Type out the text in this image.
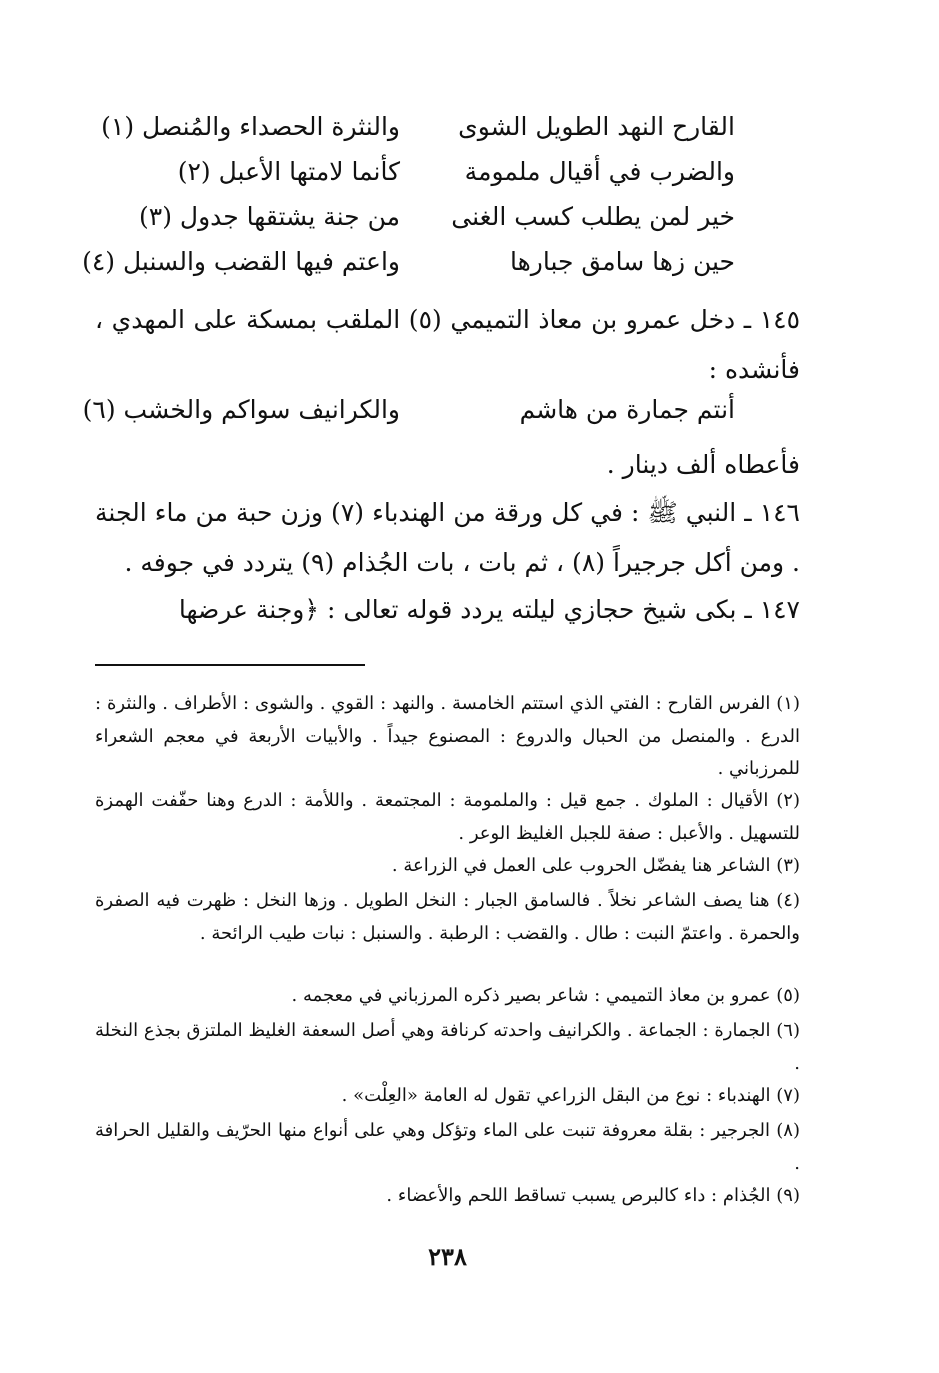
القارح النهد الطويل الشوى
والنثرة الحصداء والمُنصل (١)
والضرب في أقيال ملمومة
كأنما لامتها الأعبل (٢)
خير لمن يطلب كسب الغنى
من جنة يشتقها جدول (٣)
حين زها سامق جبارها
واعتم فيها القضب والسنبل (٤)
١٤٥ ـ دخل عمرو بن معاذ التميمي (٥) الملقب بمسكة على المهدي ، فأنشده :
أنتم جمارة من هاشم
والكرانيف سواكم والخشب (٦)
فأعطاه ألف دينار .
١٤٦ ـ النبي ﷺ : في كل ورقة من الهندباء (٧) وزن حبة من ماء الجنة . ومن أكل جرجيراً (٨) ، ثم بات ، بات الجُذام (٩) يتردد في جوفه .
١٤٧ ـ بكى شيخ حجازي ليلته يردد قوله تعالى : ﴿وجنة عرضها
(١) الفرس القارح : الفتي الذي استتم الخامسة . والنهد : القوي . والشوى : الأطراف . والنثرة : الدرع . والمنصل من الحبال والدروع : المصنوع جيداً . والأبيات الأربعة في معجم الشعراء للمرزباني .
(٢) الأقيال : الملوك . جمع قيل : والملمومة : المجتمعة . واللأمة : الدرع وهنا حفّفت الهمزة للتسهيل . والأعبل : صفة للجبل الغليظ الوعر .
(٣) الشاعر هنا يفضّل الحروب على العمل في الزراعة .
(٤) هنا يصف الشاعر نخلاً . فالسامق الجبار : النخل الطويل . وزها النخل : ظهرت فيه الصفرة والحمرة . واعتمّ النبت : طال . والقضب : الرطبة . والسنبل : نبات طيب الرائحة .
(٥) عمرو بن معاذ التميمي : شاعر بصير ذكره المرزباني في معجمه .
(٦) الجمارة : الجماعة . والكرانيف واحدته كرنافة وهي أصل السعفة الغليظ الملتزق بجذع النخلة .
(٧) الهندباء : نوع من البقل الزراعي تقول له العامة «العِلْت» .
(٨) الجرجير : بقلة معروفة تنبت على الماء وتؤكل وهي على أنواع منها الحرّيف والقليل الحرافة .
(٩) الجُذام : داء كالبرص يسبب تساقط اللحم والأعضاء .
٢٣٨
